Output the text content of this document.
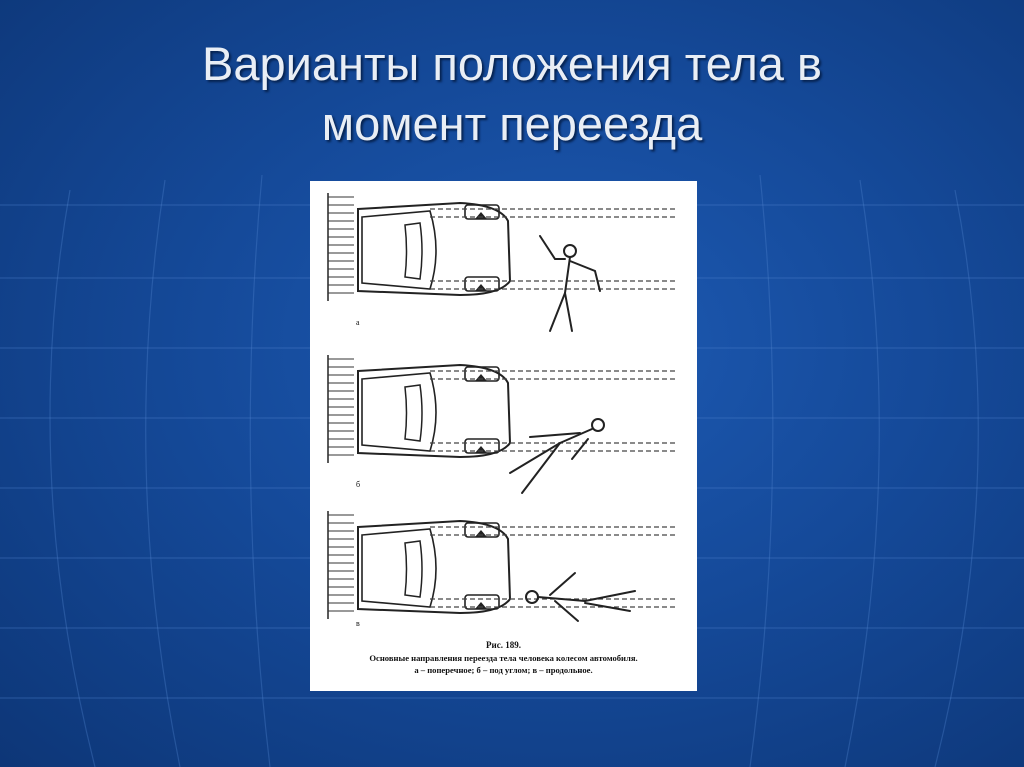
Варианты положения тела в
момент переезда
а
б
в
Рис. 189.
Основные направления переезда тела человека колесом автомобиля.
а – поперечное; б – под углом; в – продольное.
